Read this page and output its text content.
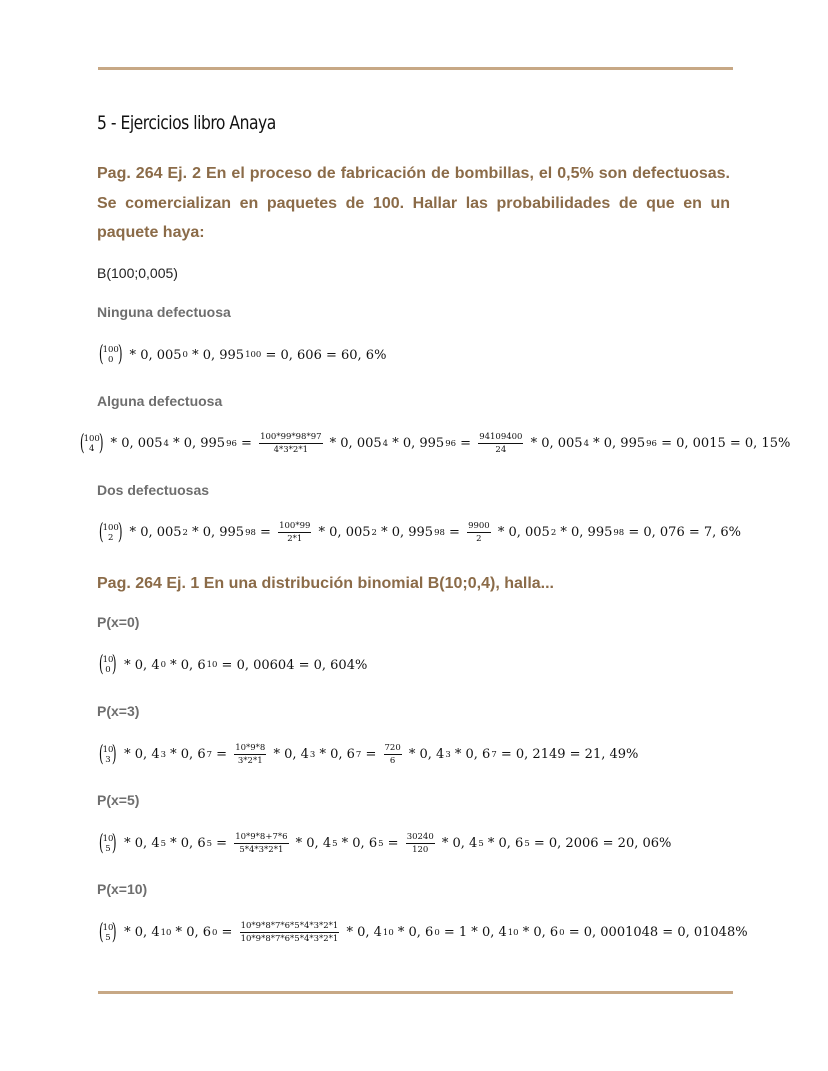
5 - Ejercicios libro Anaya

Pag. 264 Ej. 2 En el proceso de fabricación de bombillas, el 0,5% son defectuosas. Se comercializan en paquetes de 100. Hallar las probabilidades de que en un paquete haya:

B(100;0,005)
Ninguna defectuosa
(
100
0 ) * 0, 005 0 * 0, 995 100 = 0, 606 = 60, 6%
Alguna defectuosa
(
100
4 ) * 0, 005 4 * 0, 995 $96 = \frac{100*99*98*97}{4*3*2*1} * 0$, 005 4 * 0, 995 $96 = \frac{94109400}{24} * 0$, 005 4 * 0, 995 96 = 0, 0015 = 0, 15%
Dos defectuosas
(
100
2 ) * 0, 005 2 * 0, 995 $98 = \frac{100*99}{2*1} * 0$, 005 2 * 0, 995 $98 = \frac{9900}{2} * 0$, 005 2 * 0, 995 98 = 0, 076 = 7, 6%

Pag. 264 Ej. 1 En una distribución binomial B(10;0,4), halla...

P(x=0)
(
10
0 ) * 0, 4 0 * 0, 6 10 = 0, 00604 = 0, 604%
P(x=3)
(
10
3 ) * 0, 4 3 * 0, 6 $7 = \frac{10*9*8}{3*2*1} * 0$, 4 3 * 0, 6 $7 = \frac{720}{6} * 0$, 4 3 * 0, 6 7 = 0, 2149 = 21, 49%
P(x=5)
(
10
5 ) * 0, 4 5 * 0, 6 $5 = \frac{10*9*8+7*6}{5*4*3*2*1} * 0$, 4 5 * 0, 6 $5 = \frac{30240}{120} * 0$, 4 5 * 0, 6 5 = 0, 2006 = 20, 06%
P(x=10)
(
10
5 ) * 0, 4 10 * 0, 6 $0 = \frac{10*9*8*7*6*5*4*3*2*1}{10*9*8*7*6*5*4*3*2*1} * 0$, 4 10 * 0, 6 0 = 1 * 0, 4 10 * 0, 6 0 = 0, 0001048 = 0, 01048%
